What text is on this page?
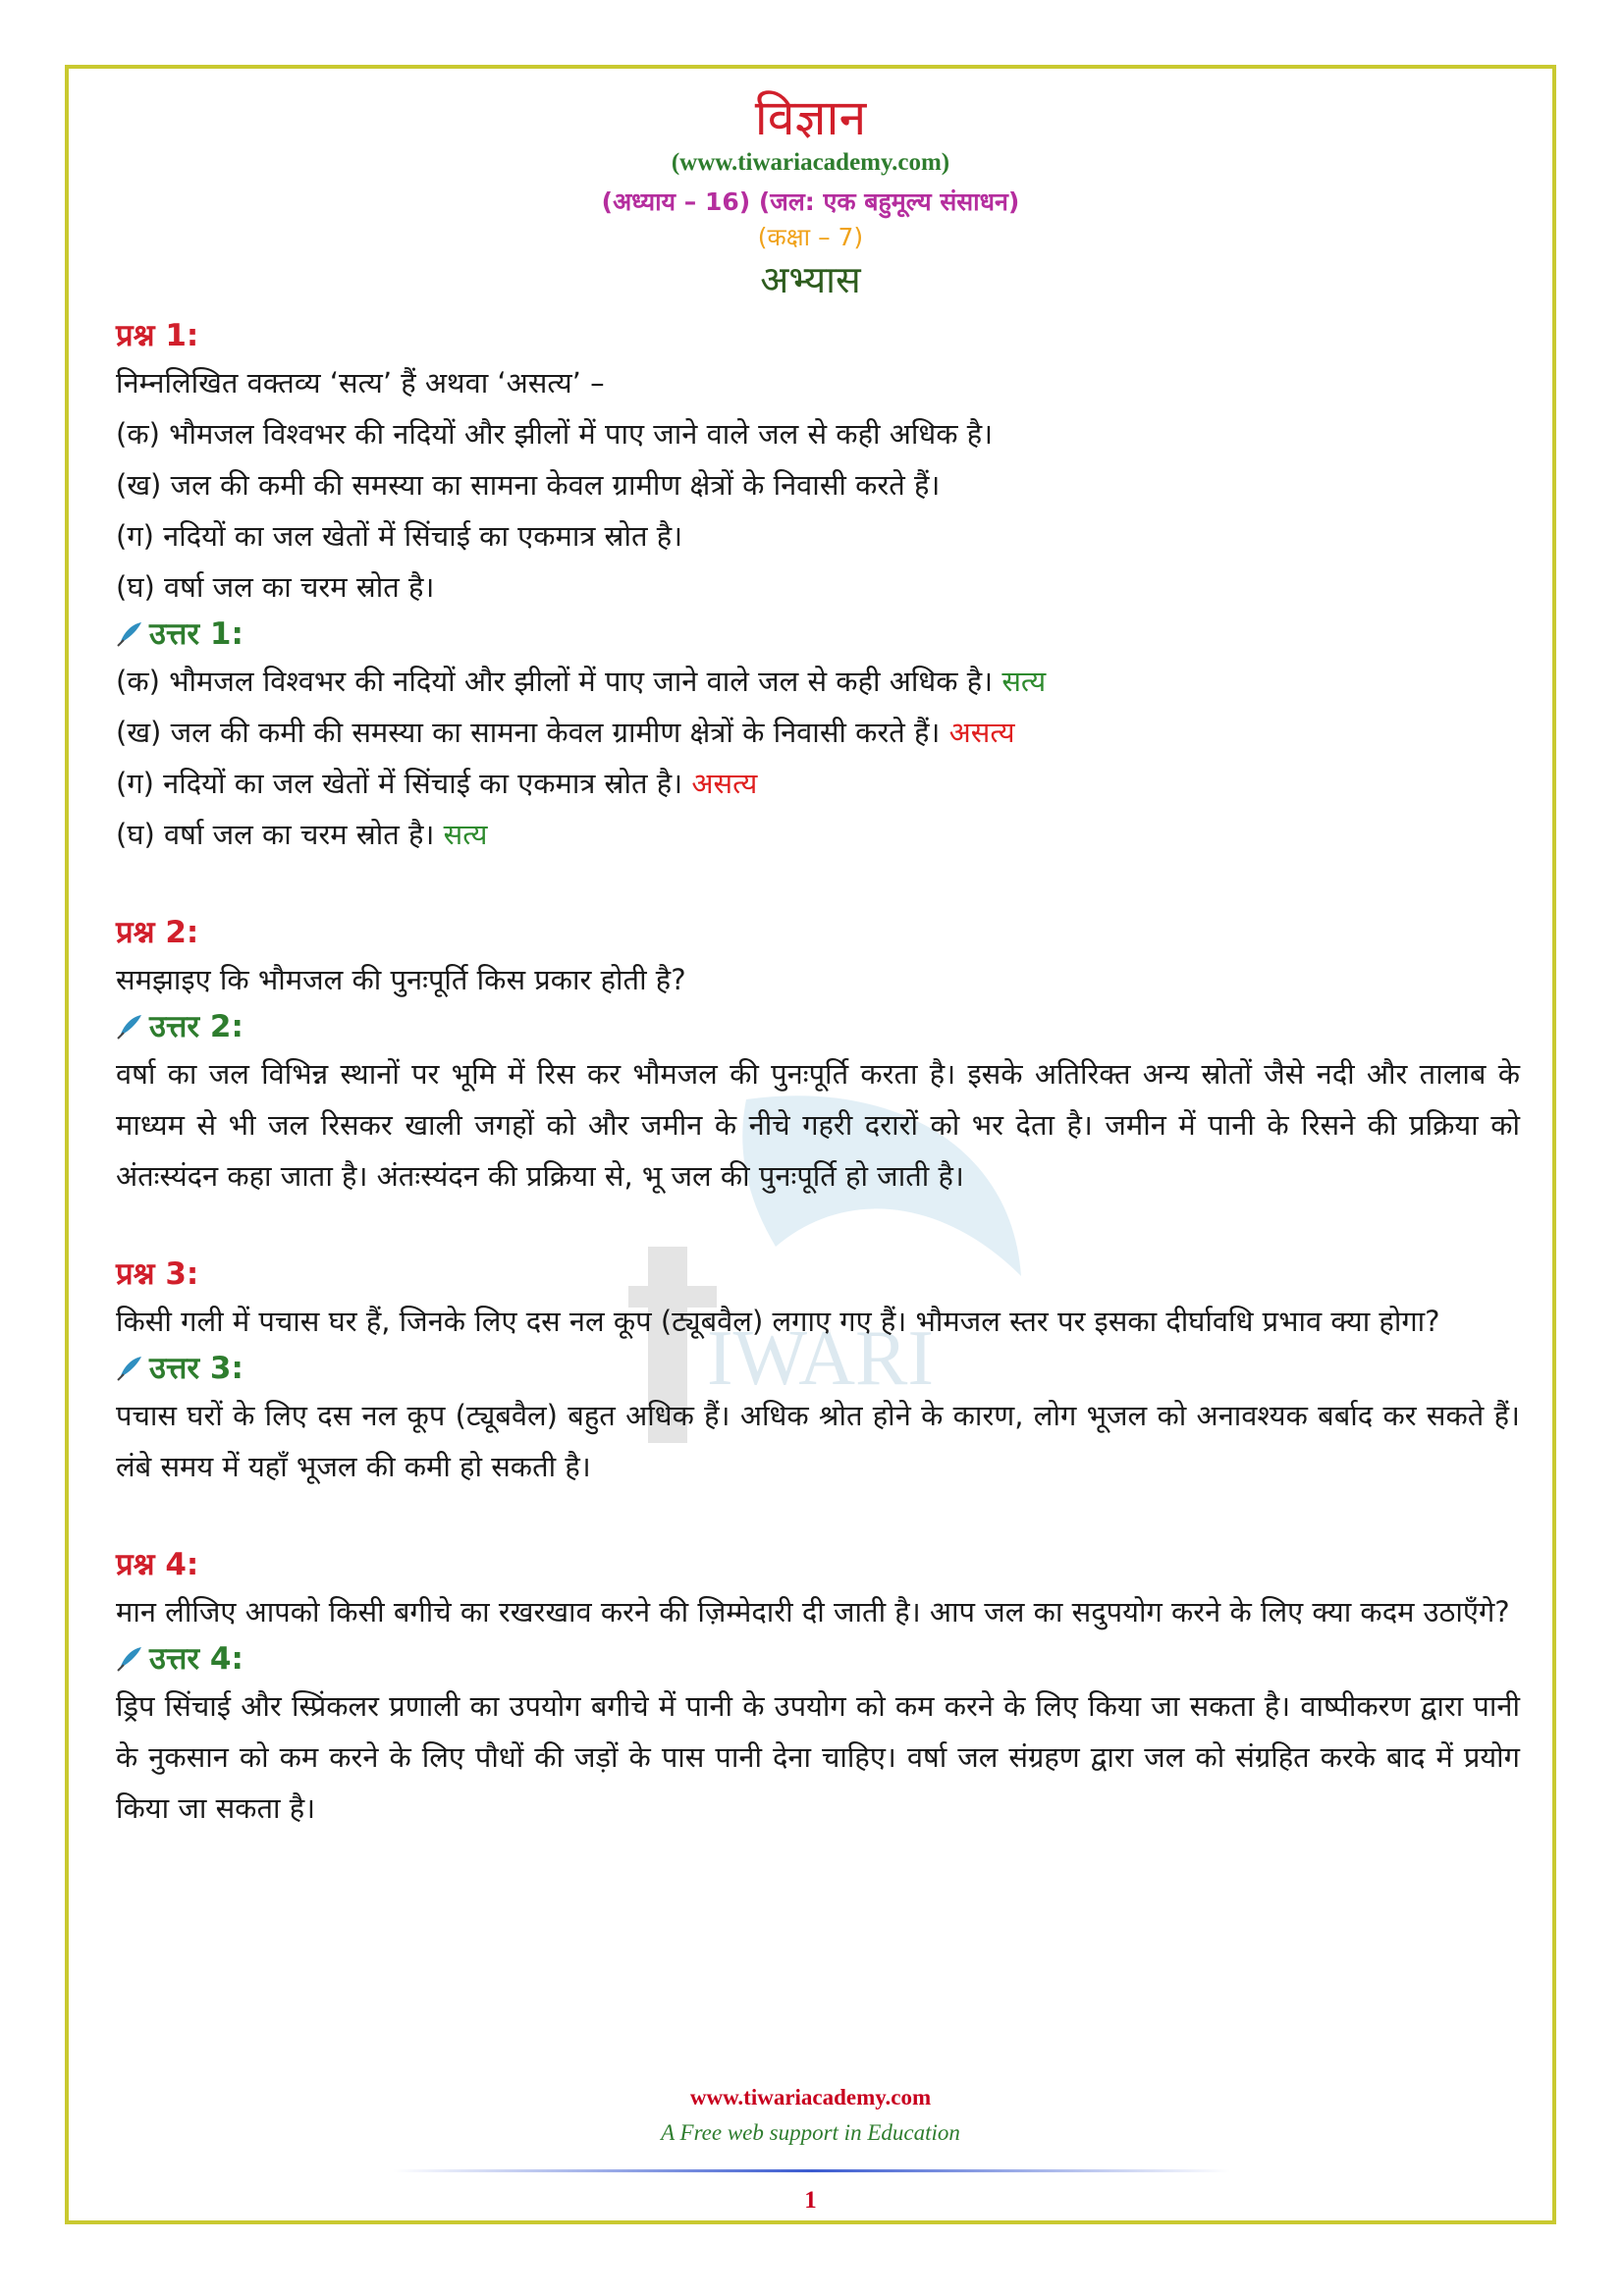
IWARI
विज्ञान
(www.tiwariacademy.com)
(अध्याय – 16) (जल: एक बहुमूल्य संसाधन)
(कक्षा – 7)
अभ्यास
प्रश्न 1:
निम्नलिखित वक्तव्य ‘सत्य’ हैं अथवा ‘असत्य’ –
(क) भौमजल विश्वभर की नदियों और झीलों में पाए जाने वाले जल से कही अधिक है।
(ख) जल की कमी की समस्या का सामना केवल ग्रामीण क्षेत्रों के निवासी करते हैं।
(ग) नदियों का जल खेतों में सिंचाई का एकमात्र स्रोत है।
(घ) वर्षा जल का चरम स्रोत है।
उत्तर 1:
(क) भौमजल विश्वभर की नदियों और झीलों में पाए जाने वाले जल से कही अधिक है। सत्य
(ख) जल की कमी की समस्या का सामना केवल ग्रामीण क्षेत्रों के निवासी करते हैं। असत्य
(ग) नदियों का जल खेतों में सिंचाई का एकमात्र स्रोत है। असत्य
(घ) वर्षा जल का चरम स्रोत है। सत्य
प्रश्न 2:
समझाइए कि भौमजल की पुनःपूर्ति किस प्रकार होती है?
उत्तर 2:
वर्षा का जल विभिन्न स्थानों पर भूमि में रिस कर भौमजल की पुनःपूर्ति करता है। इसके अतिरिक्त अन्य स्रोतों जैसे नदी और तालाब के माध्यम से भी जल रिसकर खाली जगहों को और जमीन के नीचे गहरी दरारों को भर देता है। जमीन में पानी के रिसने की प्रक्रिया को अंतःस्यंदन कहा जाता है। अंतःस्यंदन की प्रक्रिया से, भू जल की पुनःपूर्ति हो जाती है।
प्रश्न 3:
किसी गली में पचास घर हैं, जिनके लिए दस नल कूप (ट्यूबवैल) लगाए गए हैं। भौमजल स्तर पर इसका दीर्घावधि प्रभाव क्या होगा?
उत्तर 3:
पचास घरों के लिए दस नल कूप (ट्यूबवैल) बहुत अधिक हैं। अधिक श्रोत होने के कारण, लोग भूजल को अनावश्यक बर्बाद कर सकते हैं। लंबे समय में यहाँ भूजल की कमी हो सकती है।
प्रश्न 4:
मान लीजिए आपको किसी बगीचे का रखरखाव करने की ज़िम्मेदारी दी जाती है। आप जल का सदुपयोग करने के लिए क्या कदम उठाएँगे?
उत्तर 4:
ड्रिप सिंचाई और स्प्रिंकलर प्रणाली का उपयोग बगीचे में पानी के उपयोग को कम करने के लिए किया जा सकता है। वाष्पीकरण द्वारा पानी के नुकसान को कम करने के लिए पौधों की जड़ों के पास पानी देना चाहिए। वर्षा जल संग्रहण द्वारा जल को संग्रहित करके बाद में प्रयोग किया जा सकता है।
www.tiwariacademy.com
A Free web support in Education
1
